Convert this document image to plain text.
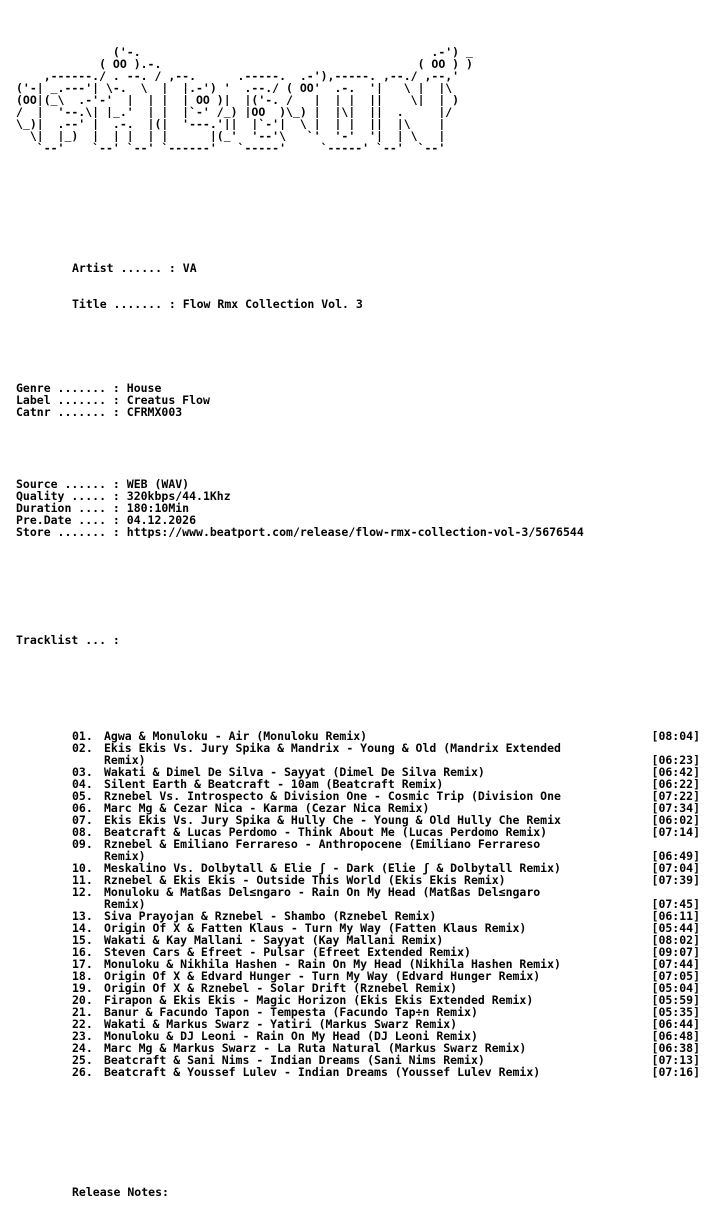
('-.                                          .-') _
( OO ).-.                                     ( OO ) )
,------./ . --. / ,--.      .-----.  .-'),-----. ,--./ ,--,'
('-| _.---'| \-.  \  |  |.-') '  .--./ ( OO'  .-.  '|   \ |  |\
(OO|(_\  .-'-'  |  | |  | OO )|  |('-. /   |  | |  ||    \|  | )
/  |  '--.\| |_.'  | |  |`-' /_) |OO  )\_) |  |\|  ||  .     |/
\_)|  .--' |  .-.  |(|  '---.'||  |`-'|  \ |  | |  ||  |\    |
\|  |_)  |  | |  | |      |(_'  '--'\   `'  '-'  '|  | \   |
`--'    `--' `--' `------'   `-----'     `-----' `--'  `--'

Artist ...... : VA

Title ....... : Flow Rmx Collection Vol. 3

Genre ....... : House
Label ....... : Creatus Flow
Catnr ....... : CFRMX003

Source ...... : WEB (WAV)
Quality ..... : 320kbps/44.1Khz
Duration .... : 180:10Min
Pre.Date .... : 04.12.2026
Store ....... : https://www.beatport.com/release/flow-rmx-collection-vol-3/5676544

Tracklist ... :

01. Agwa & Monuloku - Air (Monuloku Remix)	[08:04]
02. Ekis Ekis Vs. Jury Spika & Mandrix - Young & Old (Mandrix Extended
Remix)	[06:23]
03. Wakati & Dimel De Silva - Sayyat (Dimel De Silva Remix)	[06:42]
04. Silent Earth & Beatcraft - 10am (Beatcraft Remix)	[06:22]
05. Rznebel Vs. Introspecto & Division One - Cosmic Trip (Division One	[07:22]
06. Marc Mg & Cezar Nica - Karma (Cezar Nica Remix)	[07:34]
07. Ekis Ekis Vs. Jury Spika & Hully Che - Young & Old Hully Che Remix	[06:02]
08. Beatcraft & Lucas Perdomo - Think About Me (Lucas Perdomo Remix)	[07:14]
09. Rznebel & Emiliano Ferrareso - Anthropocene (Emiliano Ferrareso
Remix)	[06:49]
10. Meskalino Vs. Dolbytall & Elie ʃ - Dark (Elie ʃ & Dolbytall Remix)	[07:04]
11. Rznebel & Ekis Ekis - Outside This World (Ekis Ekis Remix)	[07:39]
12. Monuloku & Matßas Del≤ngaro - Rain On My Head (Matßas Del≤ngaro
Remix)	[07:45]
13. Siva Prayojan & Rznebel - Shambo (Rznebel Remix)	[06:11]
14. Origin Of X & Fatten Klaus - Turn My Way (Fatten Klaus Remix)	[05:44]
15. Wakati & Kay Mallani - Sayyat (Kay Mallani Remix)	[08:02]
16. Steven Cars & Efreet - Pulsar (Efreet Extended Remix)	[09:07]
17. Monuloku & Nikhila Hashen - Rain On My Head (Nikhila Hashen Remix)	[07:44]
18. Origin Of X & Edvard Hunger - Turn My Way (Edvard Hunger Remix)	[07:05]
19. Origin Of X & Rznebel - Solar Drift (Rznebel Remix)	[05:04]
20. Firapon & Ekis Ekis - Magic Horizon (Ekis Ekis Extended Remix)	[05:59]
21. Banur & Facundo Tapon - Tempesta (Facundo Tap÷n Remix)	[05:35]
22. Wakati & Markus Swarz - Yatiri (Markus Swarz Remix)	[06:44]
23. Monuloku & DJ Leoni - Rain On My Head (DJ Leoni Remix)	[06:48]
24. Marc Mg & Markus Swarz - La Ruta Natural (Markus Swarz Remix)	[06:38]
25. Beatcraft & Sani Nims - Indian Dreams (Sani Nims Remix)	[07:13]
26. Beatcraft & Youssef Lulev - Indian Dreams (Youssef Lulev Remix)	[07:16]

Release Notes:
